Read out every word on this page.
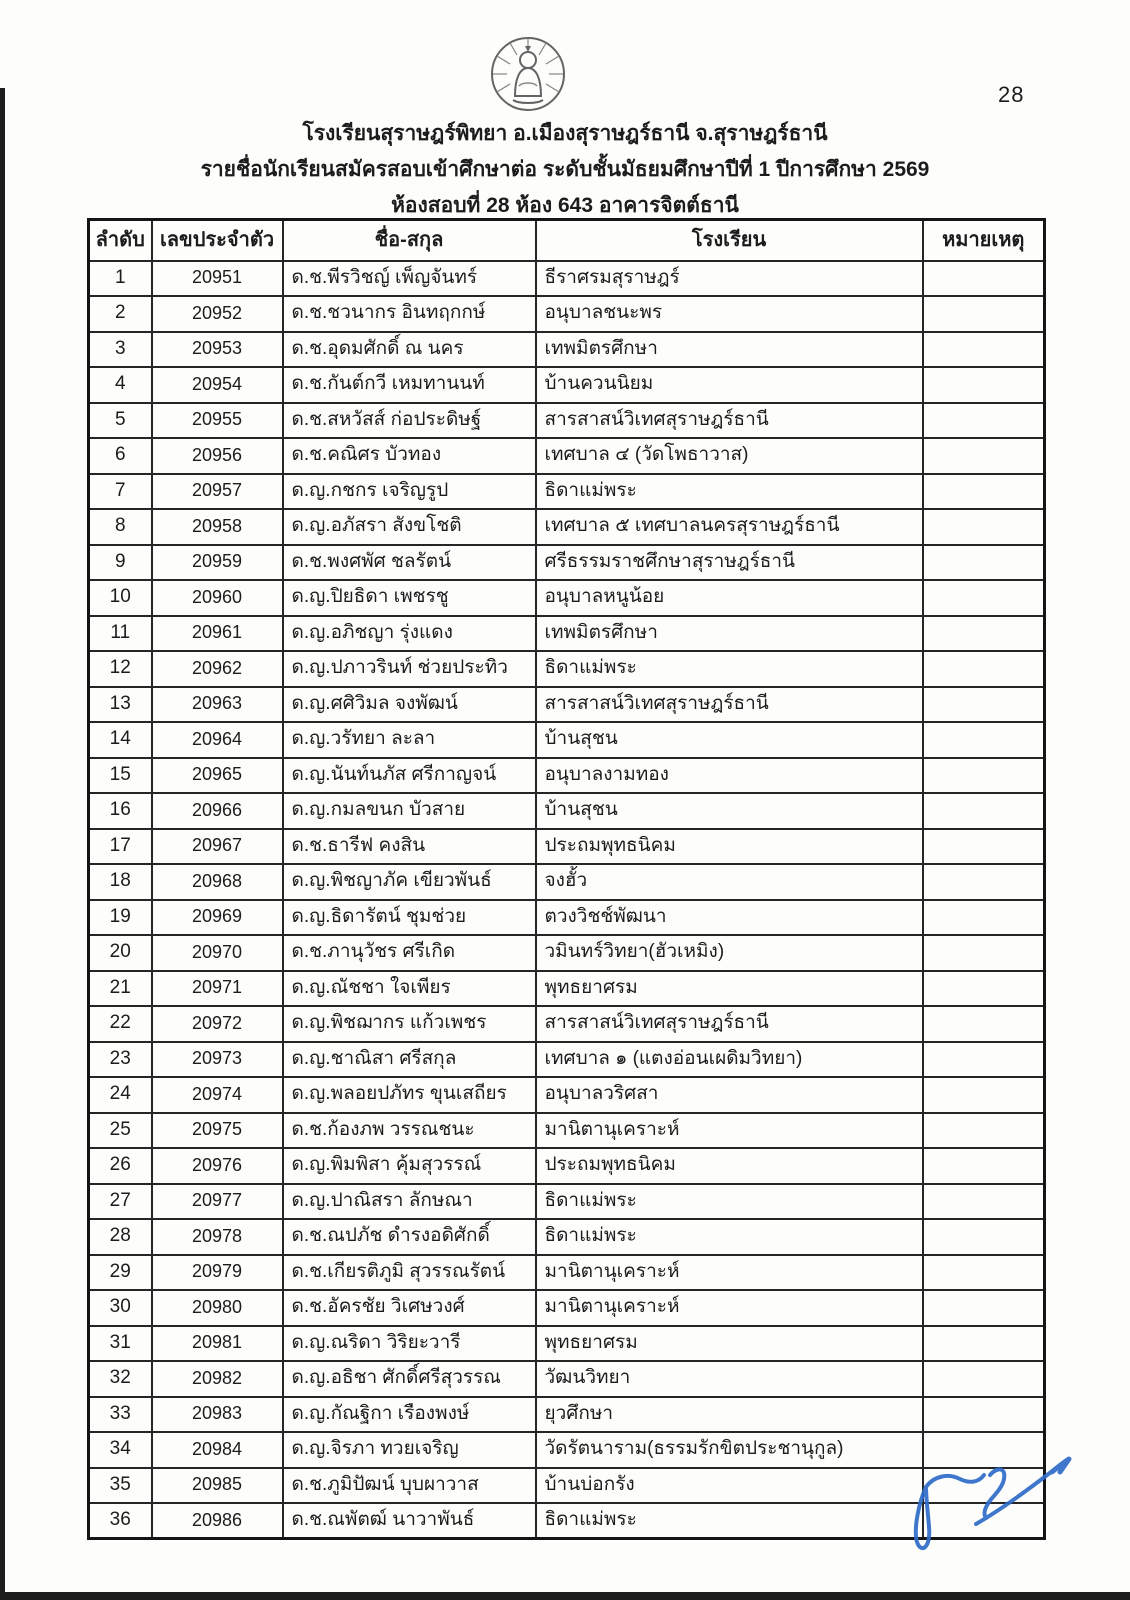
28
โรงเรียนสุราษฎร์พิทยา อ.เมืองสุราษฎร์ธานี จ.สุราษฎร์ธานี
รายชื่อนักเรียนสมัครสอบเข้าศึกษาต่อ ระดับชั้นมัธยมศึกษาปีที่ 1 ปีการศึกษา 2569
ห้องสอบที่ 28 ห้อง 643 อาคารจิตต์ธานี
ลำดับ	เลขประจำตัว	ชื่อ-สกุล	โรงเรียน	หมายเหตุ
1	20951	ด.ช.พีรวิชญ์ เพ็ญจันทร์	ธีราศรมสุราษฎร์	
2	20952	ด.ช.ชวนากร อินทฤกกษ์	อนุบาลชนะพร	
3	20953	ด.ช.อุดมศักดิ์ ณ นคร	เทพมิตรศึกษา	
4	20954	ด.ช.กันต์กวี เหมทานนท์	บ้านควนนิยม	
5	20955	ด.ช.สหวัสส์ ก่อประดิษฐ์	สารสาสน์วิเทศสุราษฎร์ธานี	
6	20956	ด.ช.คณิศร บัวทอง	เทศบาล ๔ (วัดโพธาวาส)	
7	20957	ด.ญ.กชกร เจริญรูป	ธิดาแม่พระ	
8	20958	ด.ญ.อภัสรา สังขโชติ	เทศบาล ๕ เทศบาลนครสุราษฎร์ธานี	
9	20959	ด.ช.พงศพัศ ชลรัตน์	ศรีธรรมราชศึกษาสุราษฎร์ธานี	
10	20960	ด.ญ.ปิยธิดา เพชรชู	อนุบาลหนูน้อย	
11	20961	ด.ญ.อภิชญา รุ่งแดง	เทพมิตรศึกษา	
12	20962	ด.ญ.ปภาวรินท์ ช่วยประทิว	ธิดาแม่พระ	
13	20963	ด.ญ.ศศิวิมล จงพัฒน์	สารสาสน์วิเทศสุราษฎร์ธานี	
14	20964	ด.ญ.วรัทยา ละลา	บ้านสุชน	
15	20965	ด.ญ.นันท์นภัส ศรีกาญจน์	อนุบาลงามทอง	
16	20966	ด.ญ.กมลขนก บัวสาย	บ้านสุชน	
17	20967	ด.ช.ธารีฟ คงสิน	ประถมพุทธนิคม	
18	20968	ด.ญ.พิชญาภัค เขียวพันธ์	จงฮั้ว	
19	20969	ด.ญ.ธิดารัตน์ ชุมช่วย	ตวงวิชช์พัฒนา	
20	20970	ด.ช.ภานุวัชร ศรีเกิด	วมินทร์วิทยา(ฮัวเหมิง)	
21	20971	ด.ญ.ณัชชา ใจเพียร	พุทธยาศรม	
22	20972	ด.ญ.พิชฌากร แก้วเพชร	สารสาสน์วิเทศสุราษฎร์ธานี	
23	20973	ด.ญ.ชาณิสา ศรีสกุล	เทศบาล ๑ (แตงอ่อนเผดิมวิทยา)	
24	20974	ด.ญ.พลอยปภัทร ขุนเสถียร	อนุบาลวริศสา	
25	20975	ด.ช.ก้องภพ วรรณชนะ	มานิตานุเคราะห์	
26	20976	ด.ญ.พิมพิสา คุ้มสุวรรณ์	ประถมพุทธนิคม	
27	20977	ด.ญ.ปาณิสรา ลักษณา	ธิดาแม่พระ	
28	20978	ด.ช.ณปภัช ดำรงอดิศักดิ์	ธิดาแม่พระ	
29	20979	ด.ช.เกียรติภูมิ สุวรรณรัตน์	มานิตานุเคราะห์	
30	20980	ด.ช.อัครชัย วิเศษวงศ์	มานิตานุเคราะห์	
31	20981	ด.ญ.ณริดา วิริยะวารี	พุทธยาศรม	
32	20982	ด.ญ.อธิชา ศักดิ์ศรีสุวรรณ	วัฒนวิทยา	
33	20983	ด.ญ.กัณฐิกา เรืองพงษ์	ยุวศึกษา	
34	20984	ด.ญ.จิรภา ทวยเจริญ	วัดรัตนาราม(ธรรมรักขิตประชานุกูล)	
35	20985	ด.ช.ภูมิปัฒน์ บุบผาวาส	บ้านบ่อกรัง	
36	20986	ด.ช.ณพัตฒ์ นาวาพันธ์	ธิดาแม่พระ	
